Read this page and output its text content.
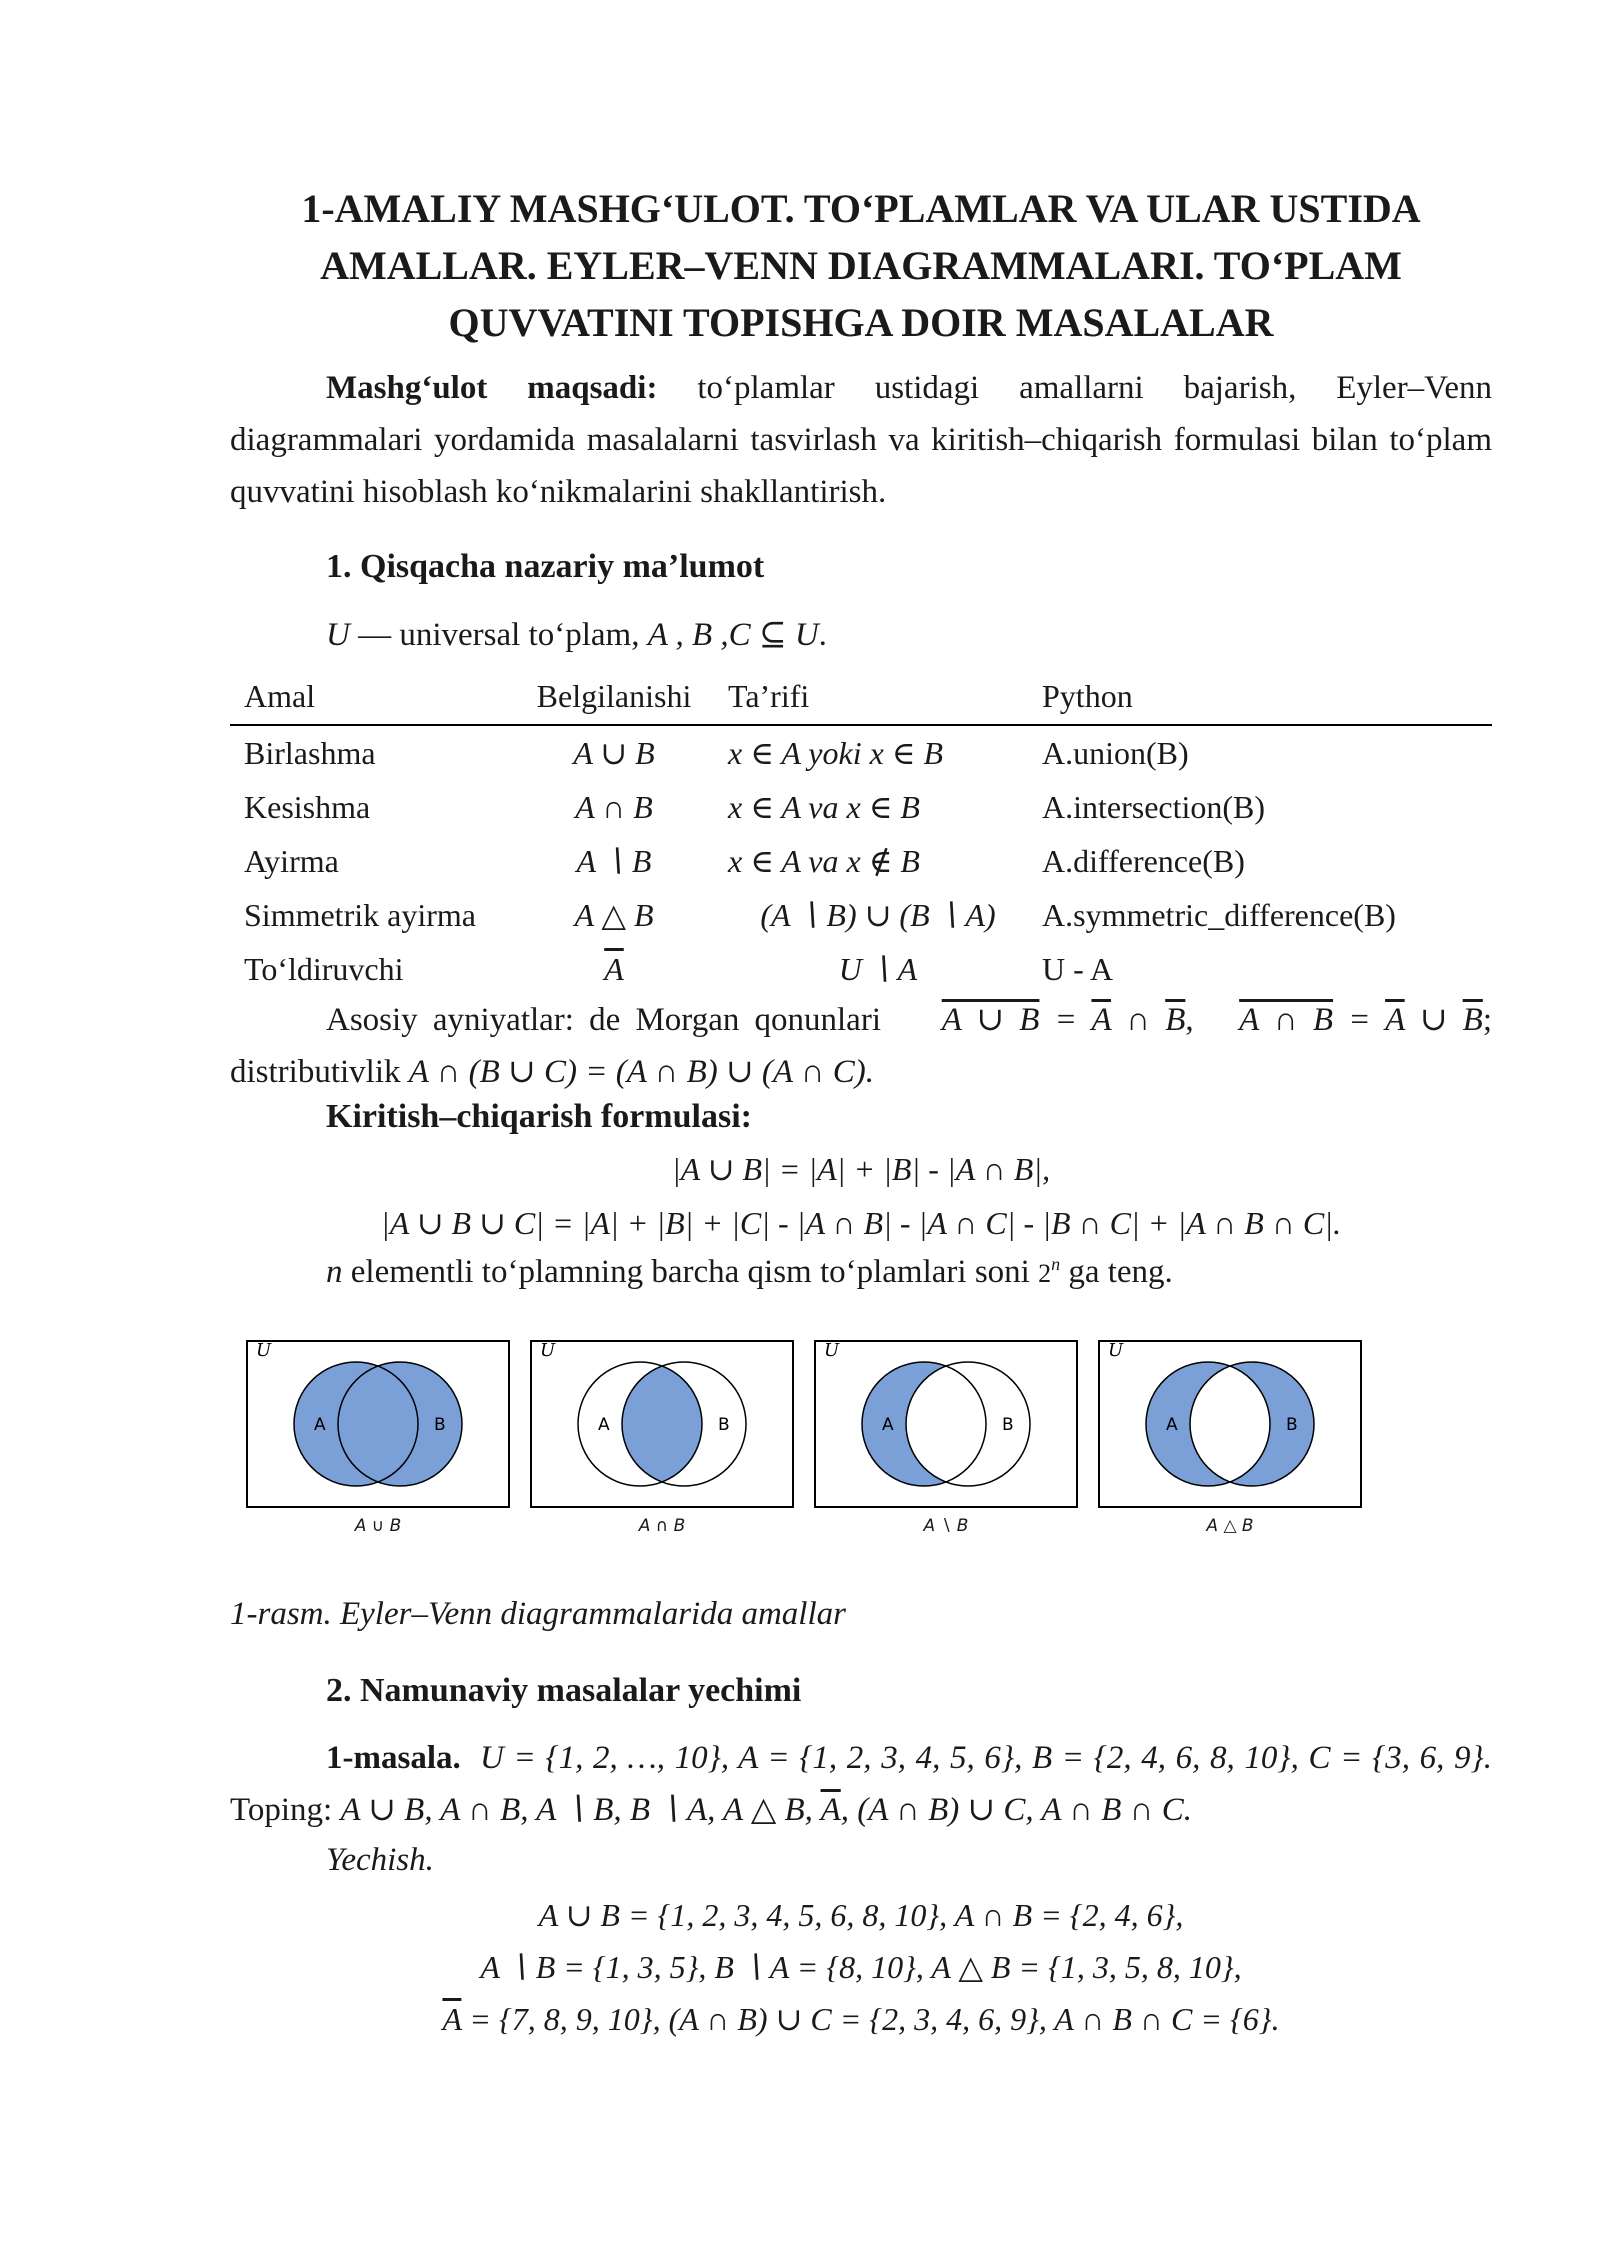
1-AMALIY MASHG‘ULOT. TO‘PLAMLAR VA ULAR USTIDA
AMALLAR. EYLER–VENN DIAGRAMMALARI. TO‘PLAM
QUVVATINI TOPISHGA DOIR MASALALAR
Mashg‘ulot maqsadi: to‘plamlar ustidagi amallarni bajarish, Eyler–Venn diagrammalari yordamida masalalarni tasvirlash va kiritish–chiqarish formulasi bilan to‘plam quvvatini hisoblash ko‘nikmalarini shakllantirish.
1. Qisqacha nazariy ma’lumot
U — universal to‘plam, A , B ,C ⊆ U.
Amal	Belgilanishi	Ta’rifi	Python
Birlashma	A ∪ B	x ∈ A yoki x ∈ B	A.union(B)
Kesishma	A ∩ B	x ∈ A va x ∈ B	A.intersection(B)
Ayirma	A ∖ B	x ∈ A va x ∉ B	A.difference(B)
Simmetrik ayirma	A △ B	(A ∖ B) ∪ (B ∖ A)	A.symmetric_difference(B)
To‘ldiruvchi	$\overline{A}$	U ∖ A	U - A
Asosiy ayniyatlar: de Morgan qonunlari A ∪ $B = \overline{A}$ ∩ $\overline{B}$,   A ∩ $B = \overline{A}$ ∪ $\overline{B}$; distributivlik A ∩ (B ∪ C) = (A ∩ B) ∪ (A ∩ C).
Kiritish–chiqarish formulasi:
|A ∪ B| = |A| + |B| - |A ∩ B|,
|A ∪ B ∪ C| = |A| + |B| + |C| - |A ∩ B| - |A ∩ C| - |B ∩ C| + |A ∩ B ∩ C|.
n elementli to‘plamning barcha qism to‘plamlari soni 2$^n$ ga teng.
U
A	B
A ∪ B
U
A	B
A ∩ B
U
A	B
A ∖ B
U
A	B
A △ B
1-rasm. Eyler–Venn diagrammalarida amallar
2. Namunaviy masalalar yechimi
1-masala. U = {1, 2, …, 10}, A = {1, 2, 3, 4, 5, 6}, B = {2, 4, 6, 8, 10}, C = {3, 6, 9}. Toping: A ∪ B, A ∩ B, A ∖ B, B ∖ A, A △ B, $\overline{A}$, (A ∩ B) ∪ C, A ∩ B ∩ C.
Yechish.
A ∪ B = {1, 2, 3, 4, 5, 6, 8, 10}, A ∩ B = {2, 4, 6},
A ∖ B = {1, 3, 5}, B ∖ A = {8, 10}, A △ B = {1, 3, 5, 8, 10},
$\overline{A} = \{7$, 8, 9, 10}, (A ∩ B) ∪ C = {2, 3, 4, 6, 9}, A ∩ B ∩ C = {6}.
